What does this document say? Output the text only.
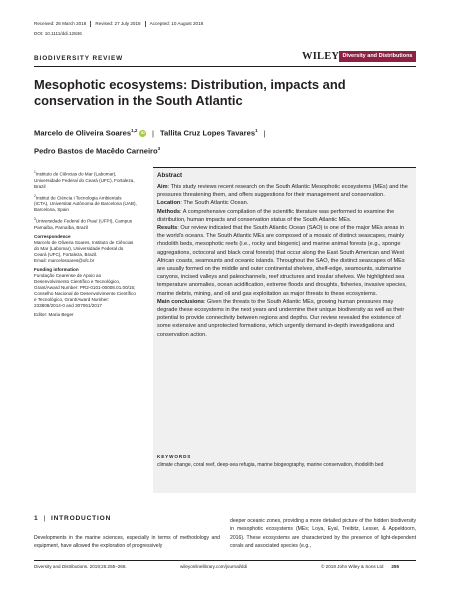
Received: 26 March 2018 Revised: 27 July 2018 Accepted: 10 August 2018
DOI: 10.1111/ddi.12846
BIODIVERSITY REVIEW	WILEY Diversity and Distributions
Mesophotic ecosystems: Distribution, impacts and conservation in the South Atlantic
Marcelo de Oliveira Soares$^{1,2}$ iD | Tallita Cruz Lopes Tavares$^1$ |
Pedro Bastos de Macêdo Carneiro$^3$

$^1$Instituto de Ciências do Mar (Labomar), Universidade Federal do Ceará (UFC), Fortaleza, Brazil

$^2$Institut de Ciència i Tecnologia Ambientals (ICTA), Universitat Autònoma de Barcelona (UAB), Barcelona, Spain

$^3$Universidade Federal do Piauí (UFPI), Campus Parnaíba, Parnaíba, Brazil

Correspondence

Marcelo de Oliveira Soares, Instituto de Ciências do Mar (Labomar), Universidade Federal do Ceará (UFC), Fortaleza, Brazil.

Email: marcelosoares@ufc.br

Funding information

Fundação Cearense de Apoio ao Desenvolvimento Científico e Tecnológico, Grant/Award Number: PR2-0101-00008.01.00/15; Conselho Nacional de Desenvolvimento Científico e Tecnológico, Grant/Award Number: 233808/2014-0 and 307061/2017

Editor: Maria Beger

Abstract

Aim: This study reviews recent research on the South Atlantic Mesophotic ecosystems (MEs) and the pressures threatening them, and offers suggestions for their management and conservation.

Location: The South Atlantic Ocean.

Methods: A comprehensive compilation of the scientific literature was performed to examine the distribution, human impacts and conservation status of the South Atlantic MEs.

Results: Our review indicated that the South Atlantic Ocean (SAO) is one of the major MEs areas in the world's oceans. The South Atlantic MEs are composed of a mosaic of distinct seascapes, mainly rhodolith beds, mesophotic reefs (i.e., rocky and biogenic) and marine animal forests (e.g., sponge aggregations, octocoral and black coral forests) that occur along the East South American and West African coasts, seamounts and oceanic islands. Throughout the SAO, the distinct seascapes of MEs are usually formed on the middle and outer continental shelves, shelf-edge, seamounts, submarine canyons, incised valleys and paleochannels, reef structures and insular shelves. We highlighted sea temperature anomalies, ocean acidification, extreme floods and droughts, fisheries, invasive species, marine debris, mining, and oil and gas exploitation as major threats to these ecosystems.

Main conclusions: Given the threats to the South Atlantic MEs, growing human pressures may degrade these ecosystems in the next years and undermine their unique biodiversity as well as their potential to provide connectivity between regions and depths. Our review revealed the existence of some extensive and unprotected formations, which urgently demand in-depth investigations and conservation action.

KEYWORDS
climate change, coral reef, deep-sea refugia, marine biogeography, marine conservation, rhodolith bed
1 | INTRODUCTION

Developments in the marine sciences, especially in terms of methodology and equipment, have allowed the exploration of progressively

deeper oceanic zones, providing a more detailed picture of the hidden biodiversity in mesophotic ecosystems (MEs; Loya, Eyal, Treibitz, Lesser, & Appeldoorn, 2016). These ecosystems are characterized by the presence of light-dependent corals and associated species (e.g.,

Diversity and Distributions. 2019;25:255–268.	wileyonlinelibrary.com/journal/ddi	© 2018 John Wiley & Sons Ltd 255
